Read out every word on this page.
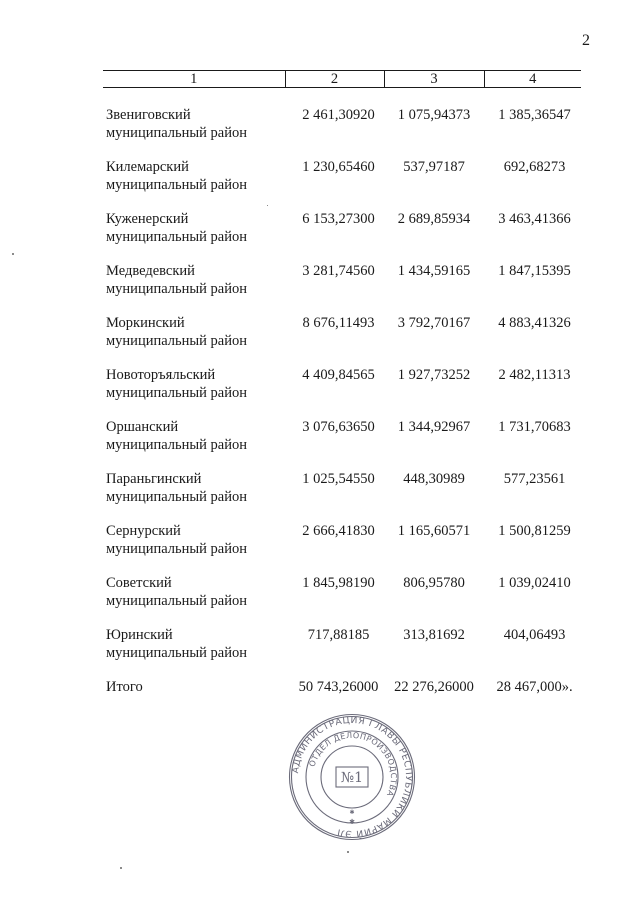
2
1	2	3	4

Звениговский
муниципальный район	2 461,30920	1 075,94373	1 385,36547

Килемарский
муниципальный район	1 230,65460	537,97187	692,68273

Куженерский
муниципальный район	6 153,27300	2 689,85934	3 463,41366

Медведевский
муниципальный район	3 281,74560	1 434,59165	1 847,15395

Моркинский
муниципальный район	8 676,11493	3 792,70167	4 883,41326

Новоторъяльский
муниципальный район	4 409,84565	1 927,73252	2 482,11313

Оршанский
муниципальный район	3 076,63650	1 344,92967	1 731,70683

Параньгинский
муниципальный район	1 025,54550	448,30989	577,23561

Сернурский
муниципальный район	2 666,41830	1 165,60571	1 500,81259

Советский
муниципальный район	1 845,98190	806,95780	1 039,02410

Юринский
муниципальный район	717,88185	313,81692	404,06493
Итого	50 743,26000	22 276,26000	28 467,000».
АДМИНИСТРАЦИЯ ГЛАВЫ РЕСПУБЛИКИ МАРИЙ ЭЛ
ОТДЕЛ ДЕЛОПРОИЗВОДСТВА
№1
✱
✱
